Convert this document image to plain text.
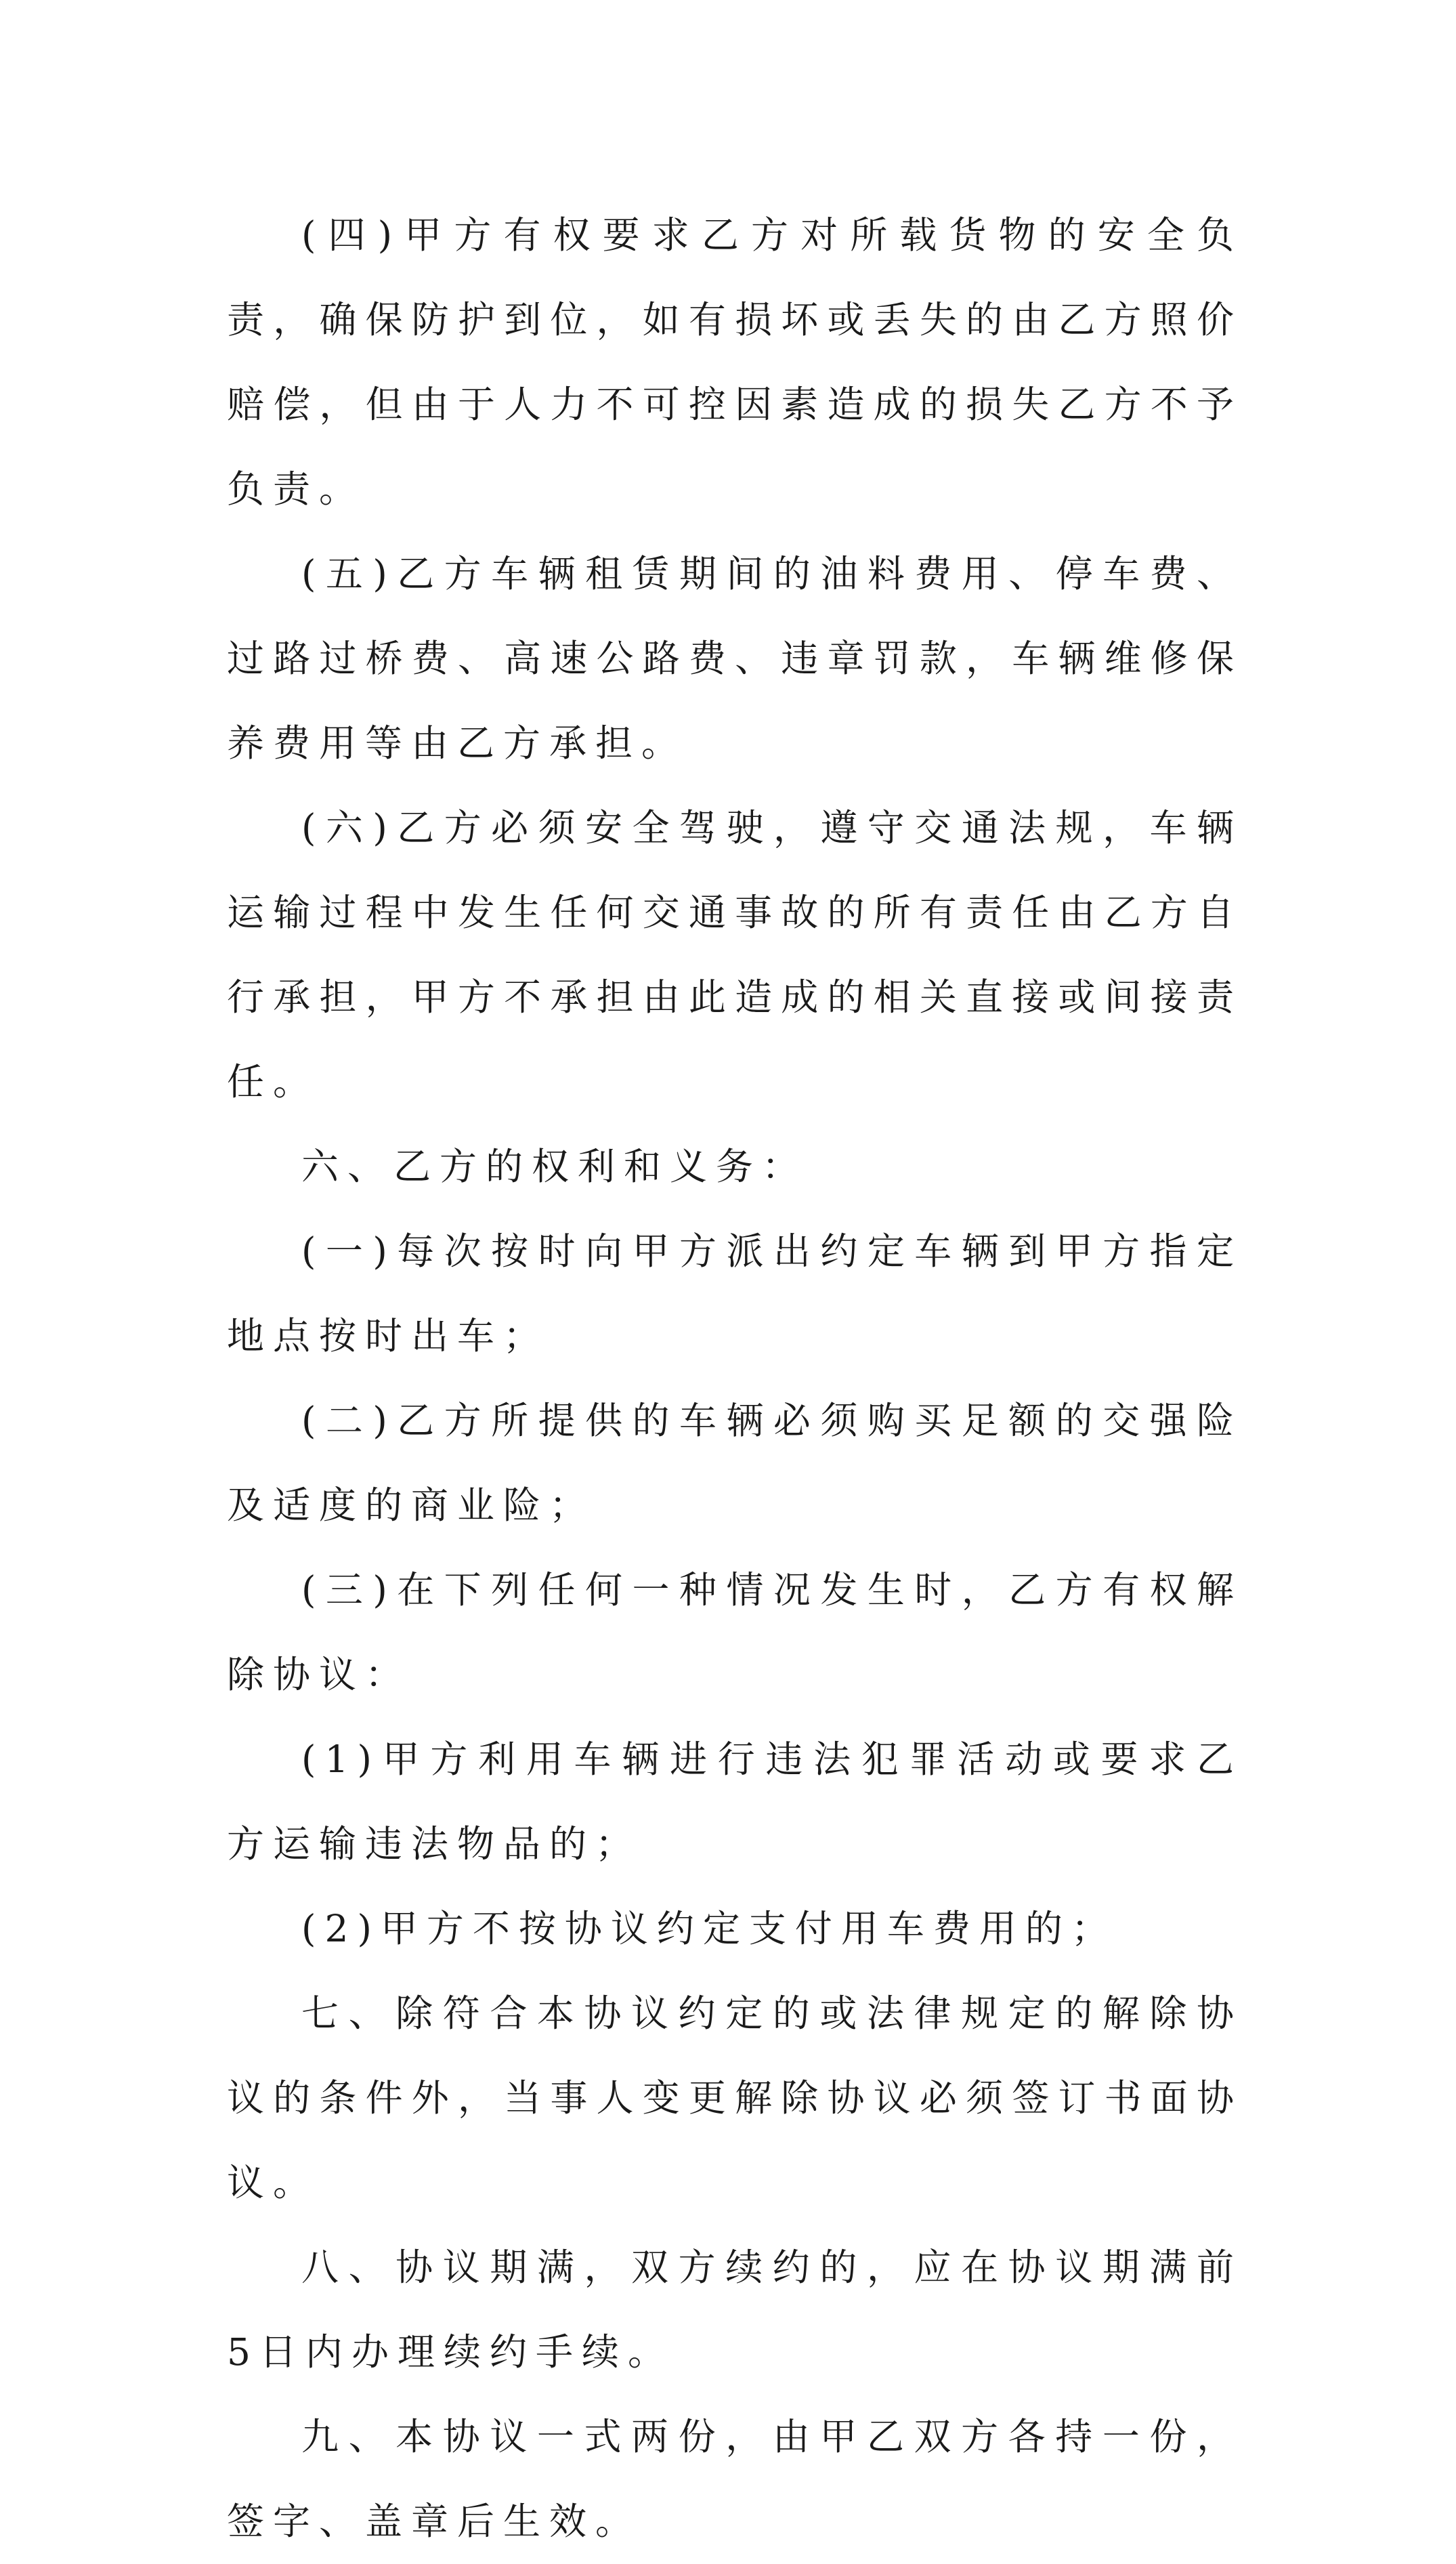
(四)甲方有权要求乙方对所载货物的安全负责，确保防护到位，如有损坏或丢失的由乙方照价赔偿，但由于人力不可控因素造成的损失乙方不予负责。

(五)乙方车辆租赁期间的油料费用、停车费、过路过桥费、高速公路费、违章罚款，车辆维修保养费用等由乙方承担。

(六)乙方必须安全驾驶，遵守交通法规，车辆运输过程中发生任何交通事故的所有责任由乙方自行承担，甲方不承担由此造成的相关直接或间接责任。

六、乙方的权利和义务：

(一)每次按时向甲方派出约定车辆到甲方指定地点按时出车；

(二)乙方所提供的车辆必须购买足额的交强险及适度的商业险；

(三)在下列任何一种情况发生时，乙方有权解除协议：

(1)甲方利用车辆进行违法犯罪活动或要求乙方运输违法物品的；

(2)甲方不按协议约定支付用车费用的；

七、除符合本协议约定的或法律规定的解除协议的条件外，当事人变更解除协议必须签订书面协议。

八、协议期满，双方续约的，应在协议期满前5日内办理续约手续。

九、本协议一式两份，由甲乙双方各持一份，签字、盖章后生效。
